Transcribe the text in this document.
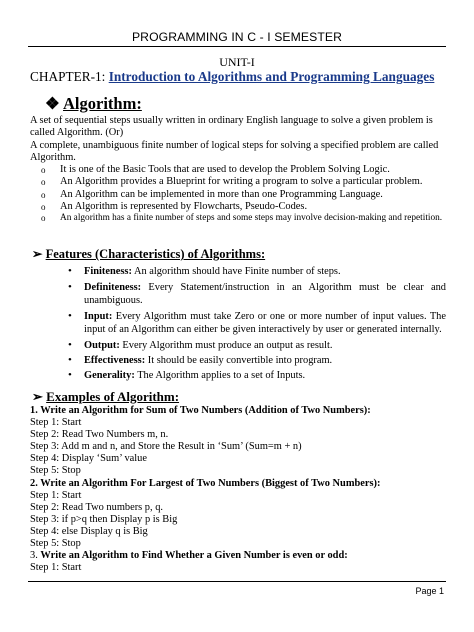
PROGRAMMING IN C - I SEMESTER
UNIT-I
CHAPTER-1: Introduction to Algorithms and Programming Languages
❖ Algorithm:
A set of sequential steps usually written in ordinary English language to solve a given problem is called Algorithm. (Or)
A complete, unambiguous finite number of logical steps for solving a specified problem are called Algorithm.
o It is one of the Basic Tools that are used to develop the Problem Solving Logic.
o An Algorithm provides a Blueprint for writing a program to solve a particular problem.
o An Algorithm can be implemented in more than one Programming Language.
o An Algorithm is represented by Flowcharts, Pseudo-Codes.
o An algorithm has a finite number of steps and some steps may involve decision-making and repetition.
➢ Features (Characteristics) of Algorithms:
• Finiteness: An algorithm should have Finite number of steps.
• Definiteness: Every Statement/instruction in an Algorithm must be clear and unambiguous.
• Input: Every Algorithm must take Zero or one or more number of input values. The input of an Algorithm can either be given interactively by user or generated internally.
• Output: Every Algorithm must produce an output as result.
• Effectiveness: It should be easily convertible into program.
• Generality: The Algorithm applies to a set of Inputs.
➢ Examples of Algorithm:
1. Write an Algorithm for Sum of Two Numbers (Addition of Two Numbers):
Step 1: Start
Step 2: Read Two Numbers m, n.
Step 3: Add m and n, and Store the Result in ‘Sum’ (Sum=m + n)
Step 4: Display ‘Sum’ value
Step 5: Stop
2. Write an Algorithm For Largest of Two Numbers (Biggest of Two Numbers):
Step 1: Start
Step 2: Read Two numbers p, q.
Step 3: if p>q then Display p is Big
Step 4: else Display q is Big
Step 5: Stop
3. Write an Algorithm to Find Whether a Given Number is even or odd:
Step 1: Start
Page 1
